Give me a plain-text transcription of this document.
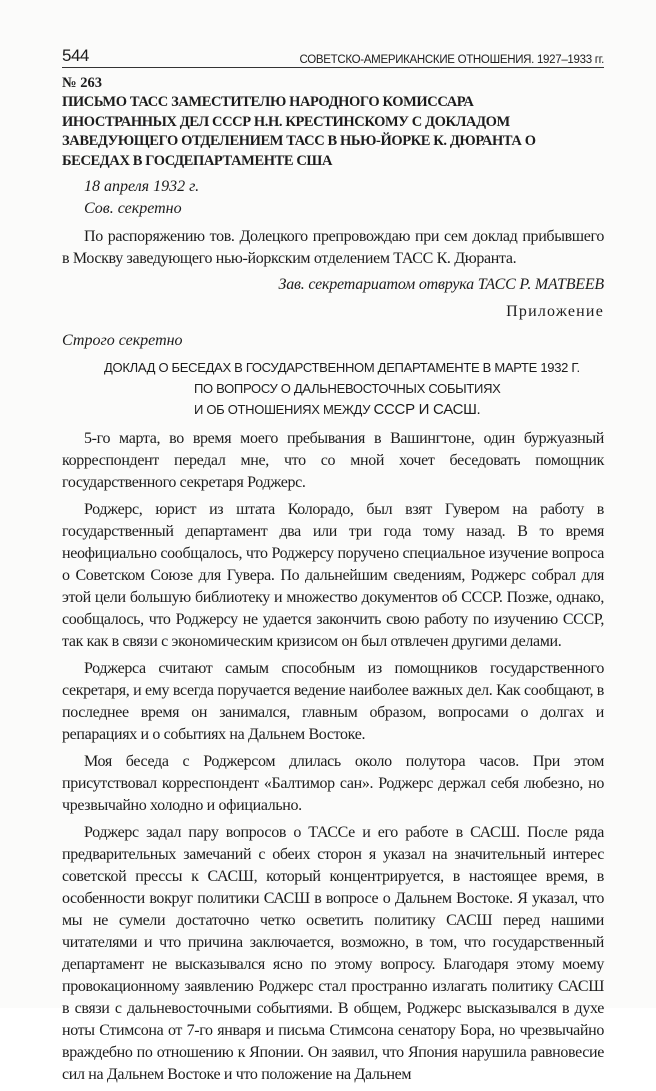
544	СОВЕТСКО-АМЕРИКАНСКИЕ ОТНОШЕНИЯ. 1927–1933 гг.
№ 263
ПИСЬМО ТАСС ЗАМЕСТИТЕЛЮ НАРОДНОГО КОМИССАРА ИНОСТРАННЫХ ДЕЛ СССР Н.Н. КРЕСТИНСКОМУ С ДОКЛАДОМ ЗАВЕДУЮЩЕГО ОТДЕЛЕНИЕМ ТАСС В НЬЮ-ЙОРКЕ К. ДЮРАНТА О БЕСЕДАХ В ГОСДЕПАРТАМЕНТЕ США
18 апреля 1932 г.
Сов. секретно

По распоряжению тов. Долецкого препровождаю при сем доклад прибывшего в Москву заведующего нью-йоркским отделением ТАСС К. Дюранта.

Зав. секретариатом отврука ТАСС Р. МАТВЕЕВ
Приложение
Строго секретно
ДОКЛАД О БЕСЕДАХ В ГОСУДАРСТВЕННОМ ДЕПАРТАМЕНТЕ В МАРТЕ 1932 Г.
ПО ВОПРОСУ О ДАЛЬНЕВОСТОЧНЫХ СОБЫТИЯХ
И ОБ ОТНОШЕНИЯХ МЕЖДУ СССР И САСШ.

5-го марта, во время моего пребывания в Вашингтоне, один буржуазный корреспондент передал мне, что со мной хочет беседовать помощник государственного секретаря Роджерс.

Роджерс, юрист из штата Колорадо, был взят Гувером на работу в государственный департамент два или три года тому назад. В то время неофициально сообщалось, что Роджерсу поручено специальное изучение вопроса о Советском Союзе для Гувера. По дальнейшим сведениям, Роджерс собрал для этой цели большую библиотеку и множество документов об СССР. Позже, однако, сообщалось, что Роджерсу не удается закончить свою работу по изучению СССР, так как в связи с экономическим кризисом он был отвлечен другими делами.

Роджерса считают самым способным из помощников государственного секретаря, и ему всегда поручается ведение наиболее важных дел. Как сообщают, в последнее время он занимался, главным образом, вопросами о долгах и репарациях и о событиях на Дальнем Востоке.

Моя беседа с Роджерсом длилась около полутора часов. При этом присутствовал корреспондент «Балтимор сан». Роджерс держал себя любезно, но чрезвычайно холодно и официально.

Роджерс задал пару вопросов о ТАССе и его работе в САСШ. После ряда предварительных замечаний с обеих сторон я указал на значительный интерес советской прессы к САСШ, который концентрируется, в настоящее время, в особенности вокруг политики САСШ в вопросе о Дальнем Востоке. Я указал, что мы не сумели достаточно четко осветить политику САСШ перед нашими читателями и что причина заключается, возможно, в том, что государственный департамент не высказывался ясно по этому вопросу. Благодаря этому моему провокационному заявлению Роджерс стал пространно излагать политику САСШ в связи с дальневосточными событиями. В общем, Роджерс высказывался в духе ноты Стимсона от 7-го января и письма Стимсона сенатору Бора, но чрезвычайно враждебно по отношению к Японии. Он заявил, что Япония нарушила равновесие сил на Дальнем Востоке и что положение на Дальнем
